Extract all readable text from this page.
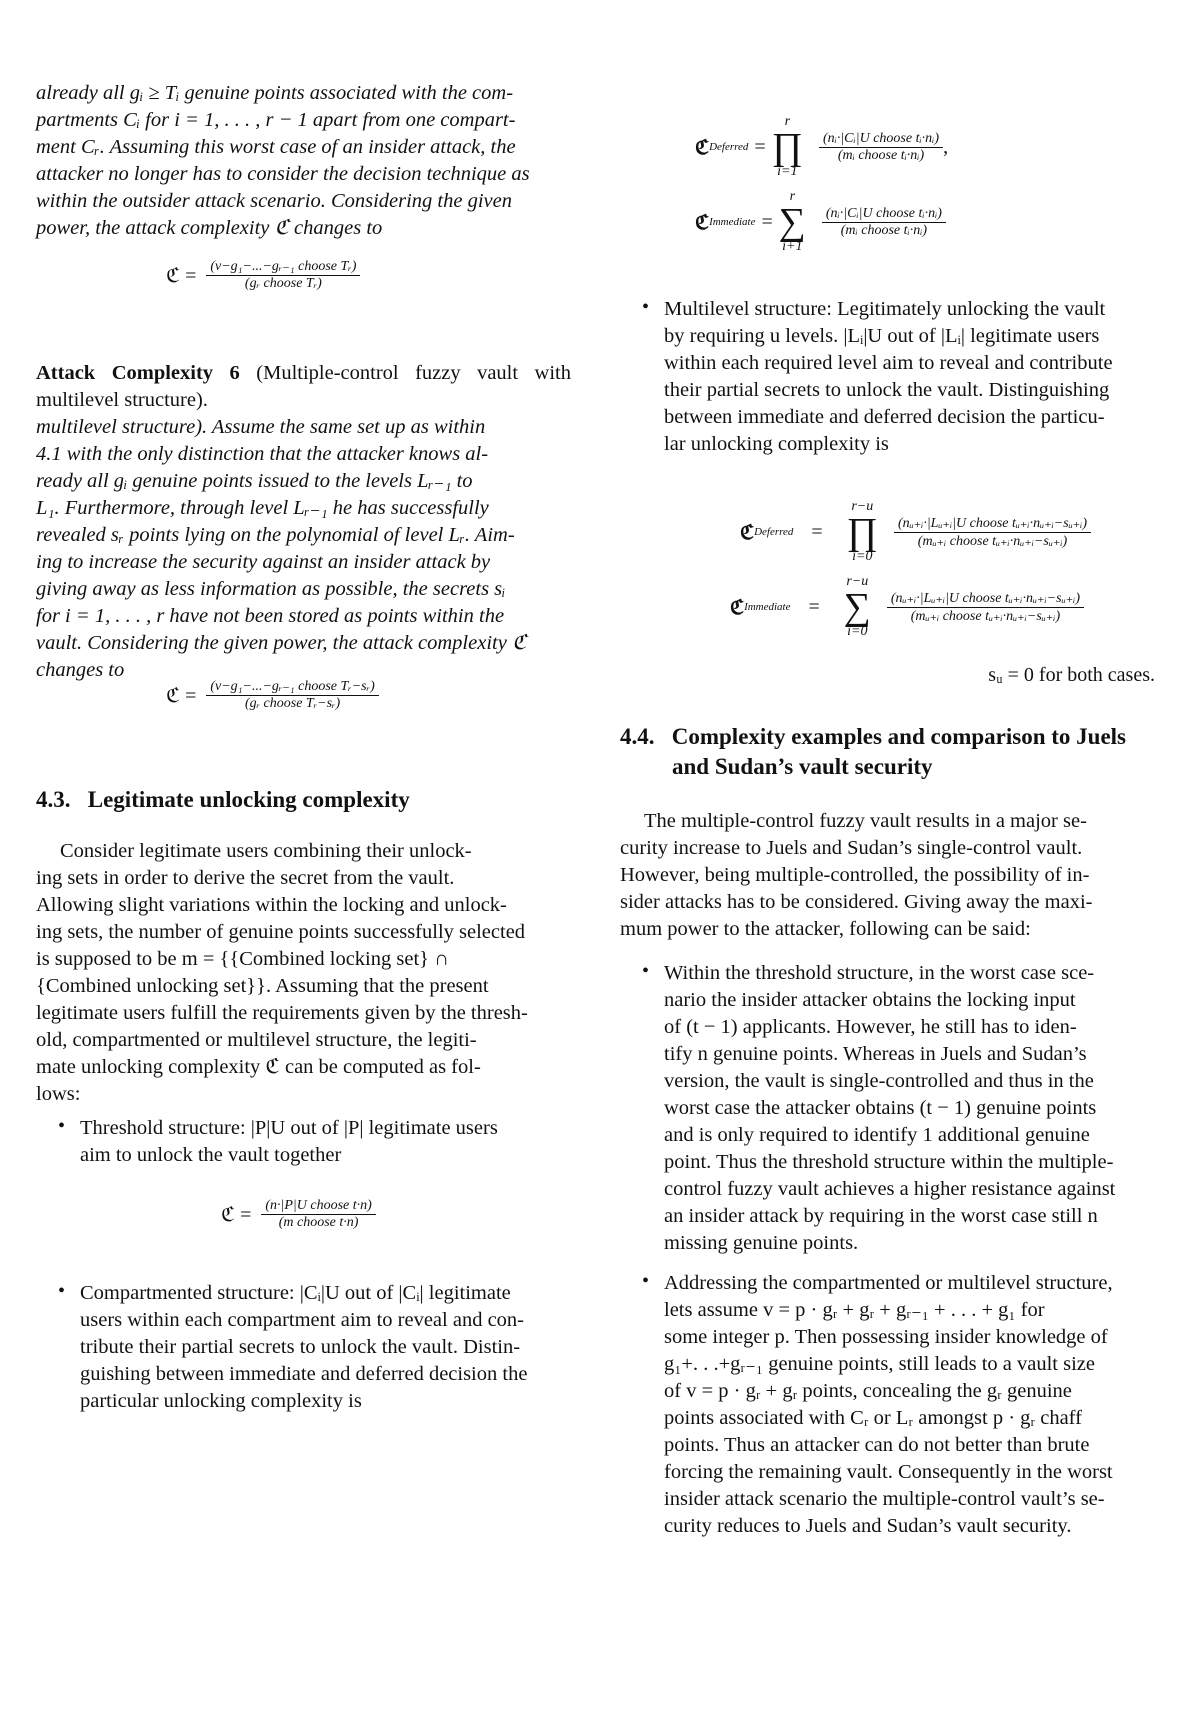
already all gᵢ ≥ Tᵢ genuine points associated with the com-

partments Cᵢ for i = 1, . . . , r − 1 apart from one compart-

ment Cᵣ. Assuming this worst case of an insider attack, the

attacker no longer has to consider the decision technique as

within the outsider attack scenario. Considering the given

power, the attack complexity ℭ changes to

ℭ = $\frac{\text{(v−g₁−...−gᵣ₋₁ choose Tᵣ)}}{\text{(gᵣ choose Tᵣ)}}$

Attack Complexity 6 (Multiple-control fuzzy vault with multilevel structure).

multilevel structure). Assume the same set up as within

4.1 with the only distinction that the attacker knows al-

ready all gᵢ genuine points issued to the levels Lᵣ₋₁ to

L₁. Furthermore, through level Lᵣ₋₁ he has successfully

revealed sᵣ points lying on the polynomial of level Lᵣ. Aim-

ing to increase the security against an insider attack by

giving away as less information as possible, the secrets sᵢ

for i = 1, . . . , r have not been stored as points within the

vault. Considering the given power, the attack complexity ℭ

changes to

ℭ = $\frac{\text{(v−g₁−...−gᵣ₋₁ choose Tᵣ−sᵣ)}}{\text{(gᵣ choose Tᵣ−sᵣ)}}$

4.3. Legitimate unlocking complexity

Consider legitimate users combining their unlock-

ing sets in order to derive the secret from the vault.

Allowing slight variations within the locking and unlock-

ing sets, the number of genuine points successfully selected

is supposed to be m = {{Combined locking set} ∩

{Combined unlocking set}}. Assuming that the present

legitimate users fulfill the requirements given by the thresh-

old, compartmented or multilevel structure, the legiti-

mate unlocking complexity ℭ can be computed as fol-

lows:

• Threshold structure: |P|U out of |P| legitimate users

aim to unlock the vault together

ℭ = $\frac{\text{(n·|P|U choose t·n)}}{\text{(m choose t·n)}}$
• Compartmented structure: |Cᵢ|U out of |Cᵢ| legitimate

users within each compartment aim to reveal and con-

tribute their partial secrets to unlock the vault. Distin-

guishing between immediate and deferred decision the

particular unlocking complexity is

ℭ Deferred =
r
∏
i=1
$\frac{\text{(nᵢ·|Cᵢ|U choose tᵢ·nᵢ)}}{\text{(mᵢ choose tᵢ·nᵢ)}}$ ,
ℭ Immediate =
r
∑
i+1
$\frac{\text{(nᵢ·|Cᵢ|U choose tᵢ·nᵢ)}}{\text{(mᵢ choose tᵢ·nᵢ)}}$
• Multilevel structure: Legitimately unlocking the vault

by requiring u levels. |Lᵢ|U out of |Lᵢ| legitimate users

within each required level aim to reveal and contribute

their partial secrets to unlock the vault. Distinguishing

between immediate and deferred decision the particu-

lar unlocking complexity is

ℭ Deferred =
r−u
∏
i=0
$\frac{\text{(nᵤ₊ᵢ·|Lᵤ₊ᵢ|U choose tᵤ₊ᵢ·nᵤ₊ᵢ−sᵤ₊ᵢ)}}{\text{(mᵤ₊ᵢ choose tᵤ₊ᵢ·nᵤ₊ᵢ−sᵤ₊ᵢ)}}$
ℭ Immediate =
r−u
∑
i=0
$\frac{\text{(nᵤ₊ᵢ·|Lᵤ₊ᵢ|U choose tᵤ₊ᵢ·nᵤ₊ᵢ−sᵤ₊ᵢ)}}{\text{(mᵤ₊ᵢ choose tᵤ₊ᵢ·nᵤ₊ᵢ−sᵤ₊ᵢ)}}$
sᵤ = 0 for both cases.

4.4. Complexity examples and comparison to Juels

and Sudan’s vault security

The multiple-control fuzzy vault results in a major se-

curity increase to Juels and Sudan’s single-control vault.

However, being multiple-controlled, the possibility of in-

sider attacks has to be considered. Giving away the maxi-

mum power to the attacker, following can be said:

• Within the threshold structure, in the worst case sce-

nario the insider attacker obtains the locking input

of (t − 1) applicants. However, he still has to iden-

tify n genuine points. Whereas in Juels and Sudan’s

version, the vault is single-controlled and thus in the

worst case the attacker obtains (t − 1) genuine points

and is only required to identify 1 additional genuine

point. Thus the threshold structure within the multiple-

control fuzzy vault achieves a higher resistance against

an insider attack by requiring in the worst case still n

missing genuine points.

• Addressing the compartmented or multilevel structure,

lets assume v = p · gᵣ + gᵣ + gᵣ₋₁ + . . . + g₁ for

some integer p. Then possessing insider knowledge of

g₁+. . .+gᵣ₋₁ genuine points, still leads to a vault size

of v = p · gᵣ + gᵣ points, concealing the gᵣ genuine

points associated with Cᵣ or Lᵣ amongst p · gᵣ chaff

points. Thus an attacker can do not better than brute

forcing the remaining vault. Consequently in the worst

insider attack scenario the multiple-control vault’s se-

curity reduces to Juels and Sudan’s vault security.
